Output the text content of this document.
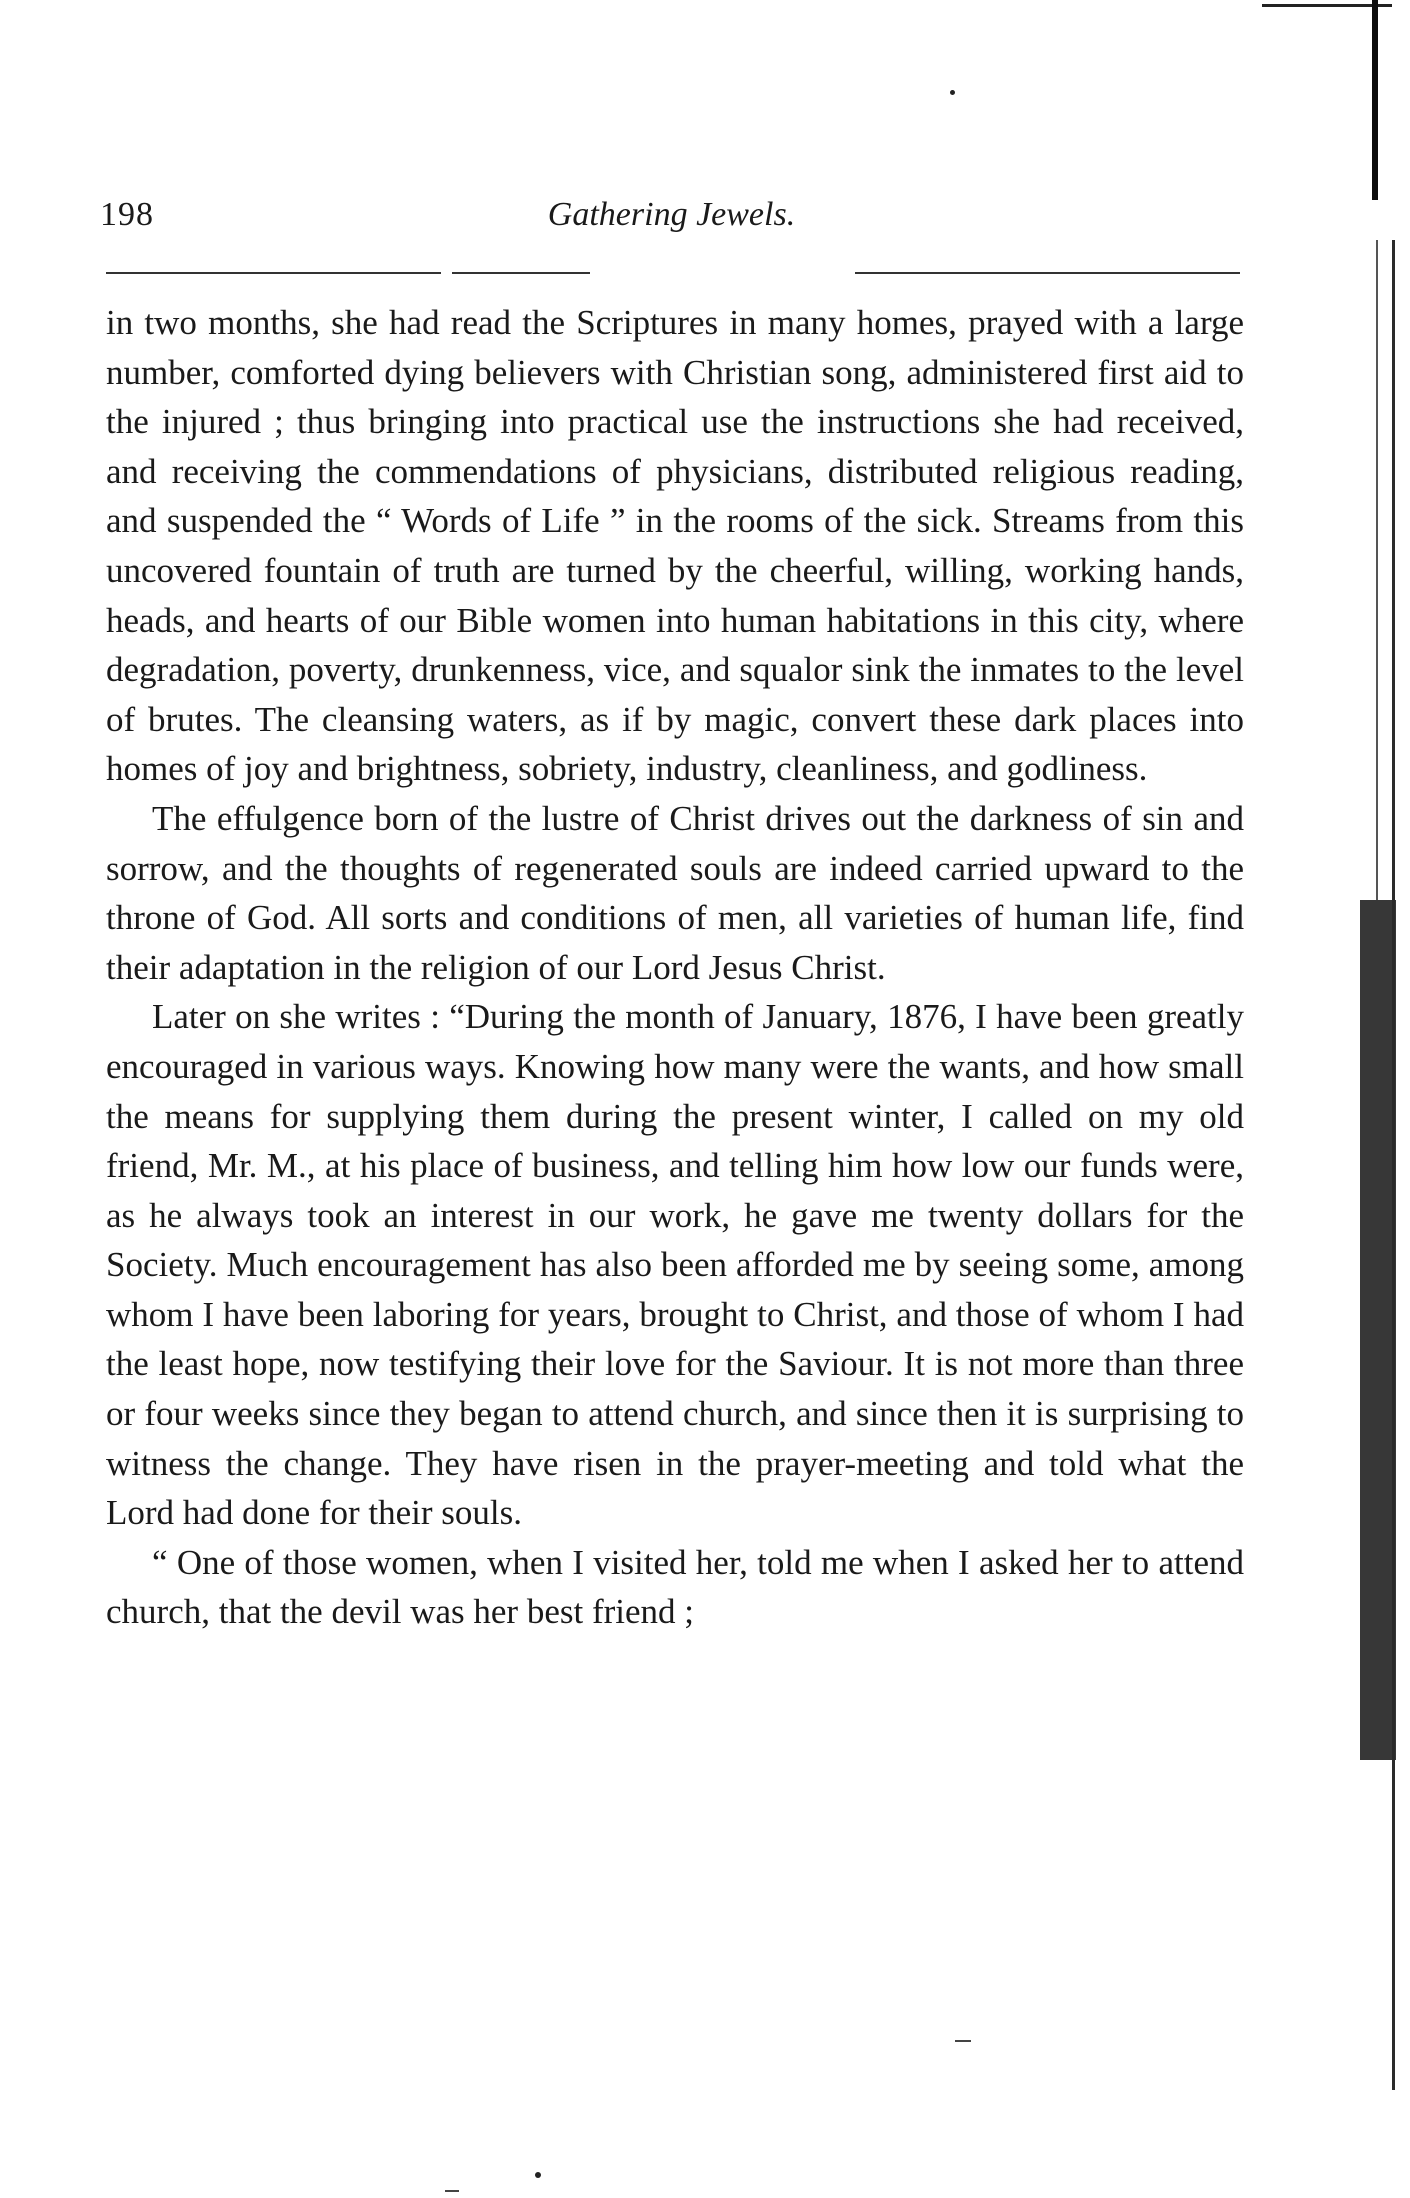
198	Gathering Jewels.

in two months, she had read the Scriptures in many homes, prayed with a large number, comforted dying believers with Christian song, administered first aid to the injured ; thus bringing into practical use the instructions she had received, and receiving the commendations of physicians, distributed religious reading, and suspended the “ Words of Life ” in the rooms of the sick. Streams from this uncovered fountain of truth are turned by the cheerful, willing, working hands, heads, and hearts of our Bible women into human habitations in this city, where degradation, poverty, drunkenness, vice, and squalor sink the inmates to the level of brutes. The cleansing waters, as if by magic, convert these dark places into homes of joy and brightness, sobriety, industry, cleanliness, and godliness.

The effulgence born of the lustre of Christ drives out the darkness of sin and sorrow, and the thoughts of regenerated souls are indeed carried upward to the throne of God. All sorts and conditions of men, all varieties of human life, find their adaptation in the religion of our Lord Jesus Christ.

Later on she writes : “During the month of January, 1876, I have been greatly encouraged in various ways. Knowing how many were the wants, and how small the means for supplying them during the present winter, I called on my old friend, Mr. M., at his place of business, and telling him how low our funds were, as he always took an interest in our work, he gave me twenty dollars for the Society. Much encouragement has also been afforded me by seeing some, among whom I have been laboring for years, brought to Christ, and those of whom I had the least hope, now testifying their love for the Saviour. It is not more than three or four weeks since they began to attend church, and since then it is surprising to witness the change. They have risen in the prayer-meeting and told what the Lord had done for their souls.

“ One of those women, when I visited her, told me when I asked her to attend church, that the devil was her best friend ;
